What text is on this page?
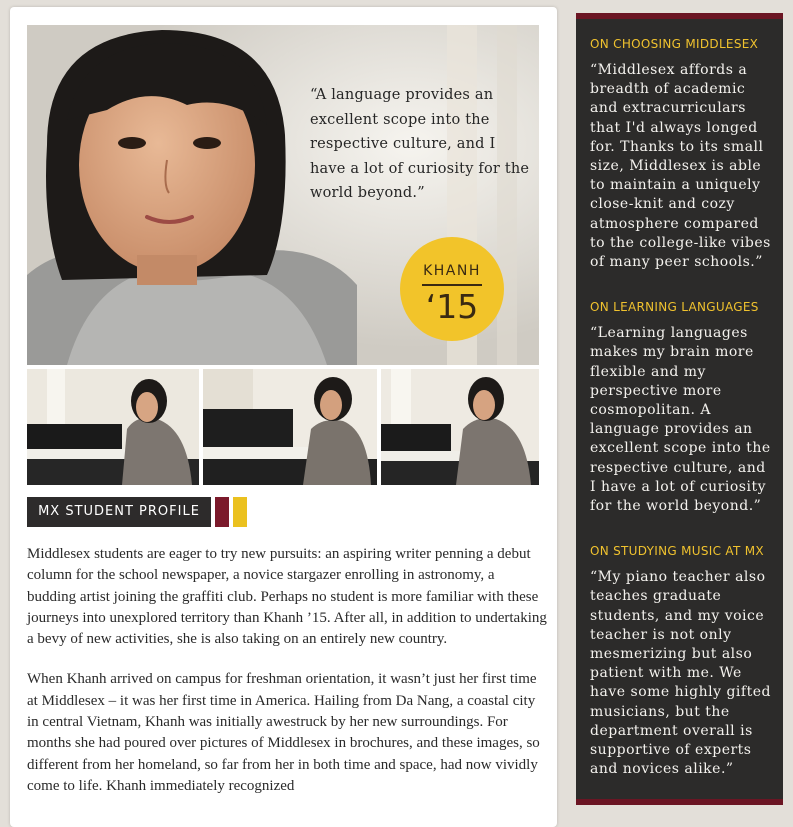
“A language provides an excellent scope into the respective culture, and I have a lot of curiosity for the world beyond.”
KHANH
‘15
MX STUDENT PROFILE

Middlesex students are eager to try new pursuits: an aspiring writer penning a debut column for the school newspaper, a novice stargazer enrolling in astronomy, a budding artist joining the graffiti club. Perhaps no student is more familiar with these journeys into unexplored territory than Khanh ’15. After all, in addition to undertaking a bevy of new activities, she is also taking on an entirely new country.

When Khanh arrived on campus for freshman orientation, it wasn’t just her first time at Middlesex – it was her first time in America. Hailing from Da Nang, a coastal city in central Vietnam, Khanh was initially awestruck by her new surroundings. For months she had poured over pictures of Middlesex in brochures, and these images, so different from her homeland, so far from her in both time and space, had now vividly come to life. Khanh immediately recognized

ON CHOOSING MIDDLESEX

“Middlesex affords a breadth of academic and extracurriculars that I'd always longed for. Thanks to its small size, Middlesex is able to maintain a uniquely close-knit and cozy atmosphere compared to the college-like vibes of many peer schools.”

ON LEARNING LANGUAGES

“Learning languages makes my brain more flexible and my perspective more cosmopolitan. A language provides an excellent scope into the respective culture, and I have a lot of curiosity for the world beyond.”

ON STUDYING MUSIC AT MX

“My piano teacher also teaches graduate students, and my voice teacher is not only mesmerizing but also patient with me. We have some highly gifted musicians, but the department overall is supportive of experts and novices alike.”
